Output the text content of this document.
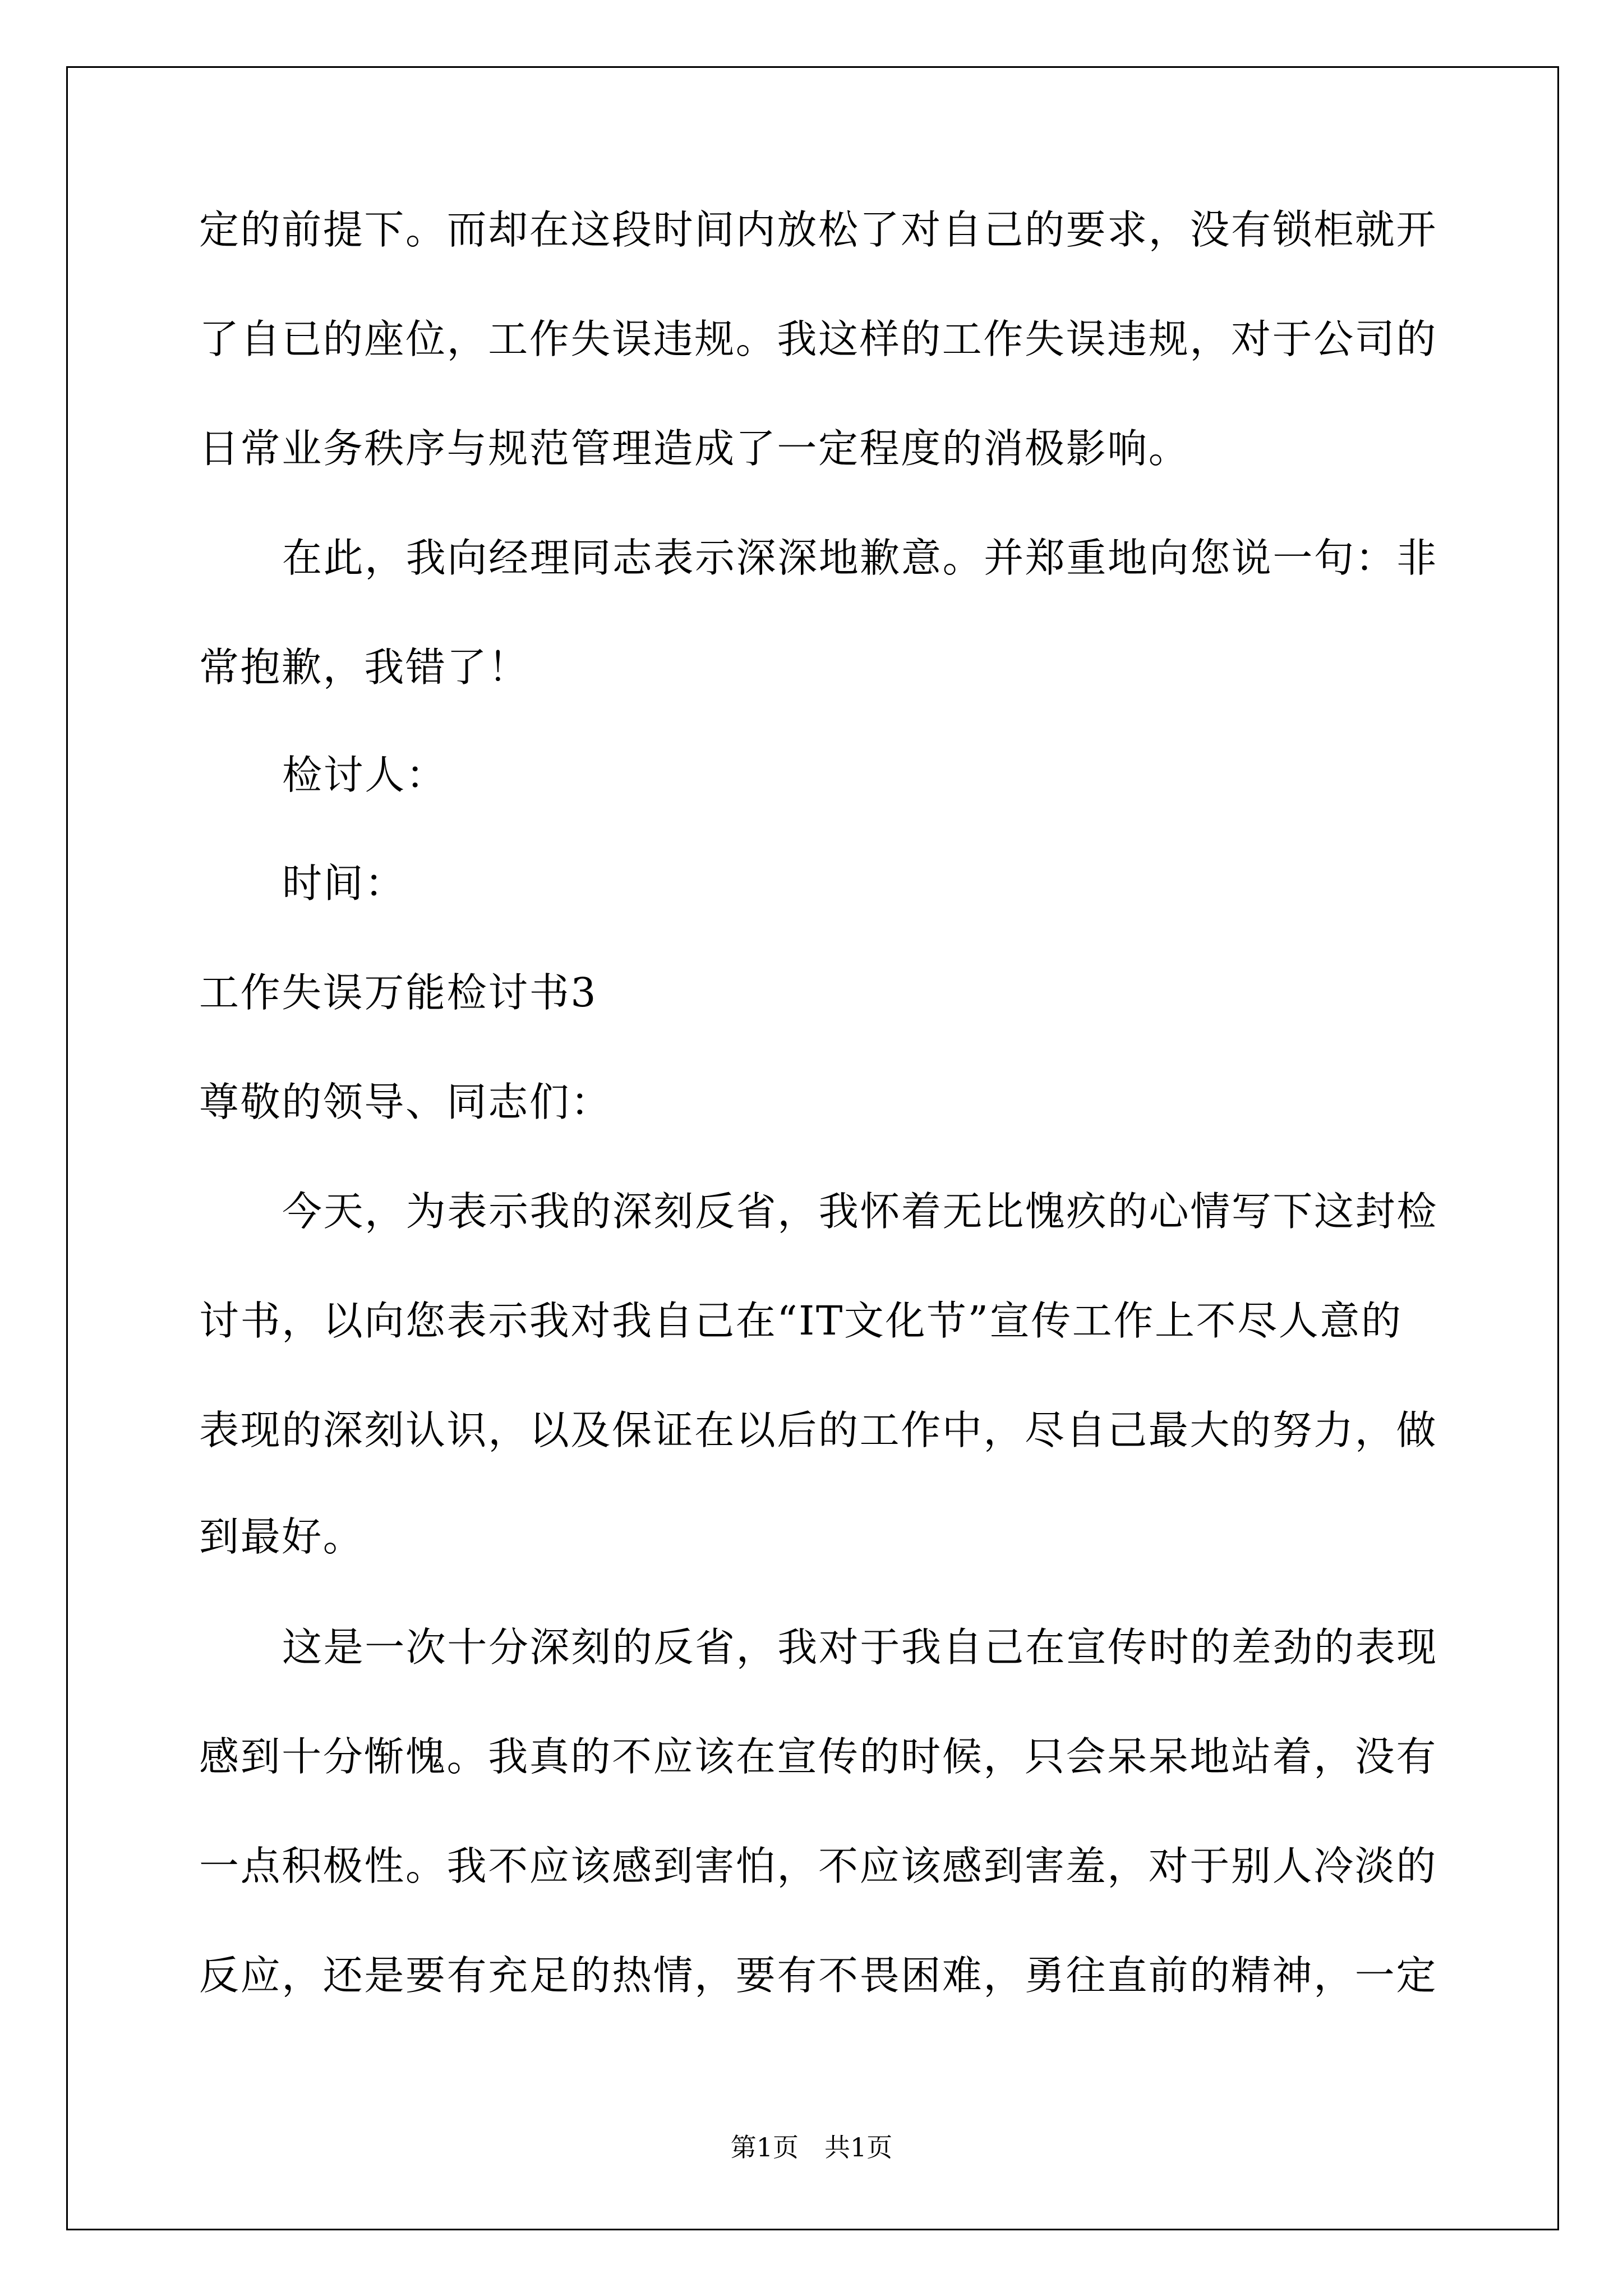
定的前提下。而却在这段时间内放松了对自己的要求，没有锁柜就开
了自已的座位，工作失误违规。我这样的工作失误违规，对于公司的
日常业务秩序与规范管理造成了一定程度的消极影响。
在此，我向经理同志表示深深地歉意。并郑重地向您说一句：非
常抱歉，我错了！
检讨人：
时间：
工作失误万能检讨书3
尊敬的领导、同志们：
今天，为表示我的深刻反省，我怀着无比愧疚的心情写下这封检
讨书，以向您表示我对我自己在“IT文化节”宣传工作上不尽人意的
表现的深刻认识，以及保证在以后的工作中，尽自己最大的努力，做
到最好。
这是一次十分深刻的反省，我对于我自己在宣传时的差劲的表现
感到十分惭愧。我真的不应该在宣传的时候，只会呆呆地站着，没有
一点积极性。我不应该感到害怕，不应该感到害羞，对于别人冷淡的
反应，还是要有充足的热情，要有不畏困难，勇往直前的精神，一定
第1页　共1页
